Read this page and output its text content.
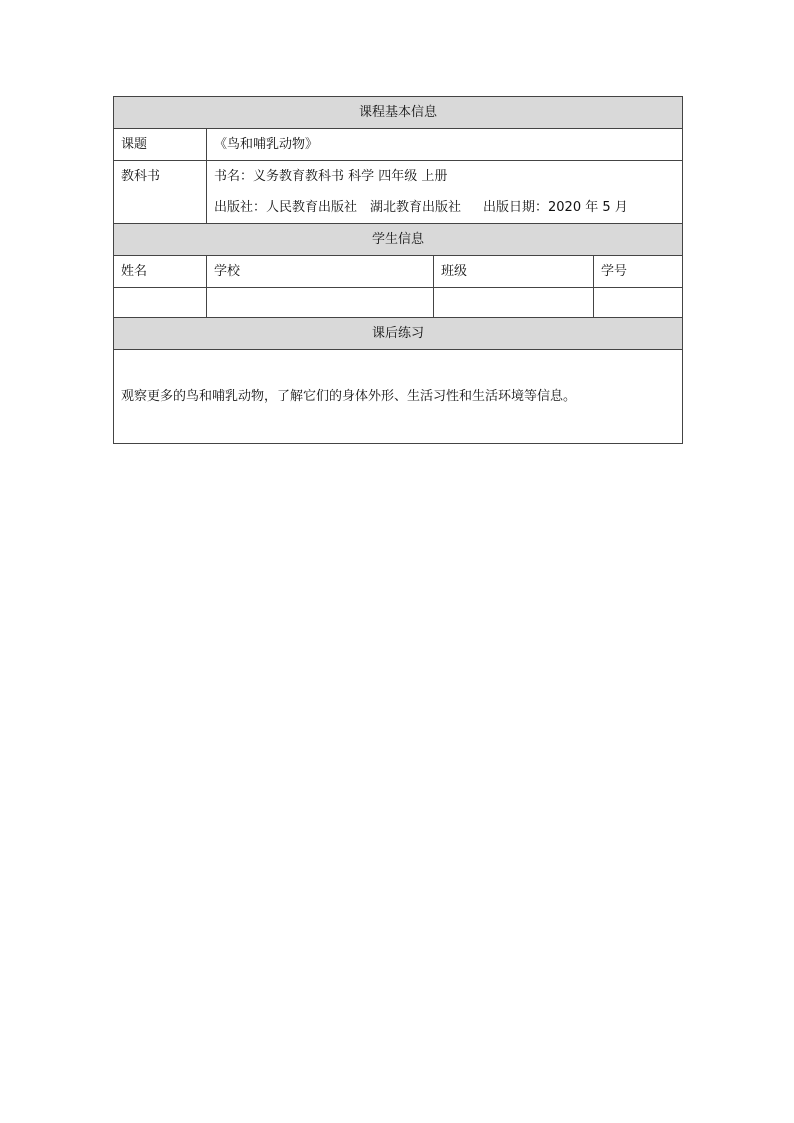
课程基本信息			
课题	《鸟和哺乳动物》		

教科书	书名：义务教育教科书 科学 四年级 上册
出版社：人民教育出版社　湖北教育出版社 出版日期：2020 年 5 月		

学生信息			
姓名	学校	班级	学号

课后练习			
观察更多的鸟和哺乳动物，了解它们的身体外形、生活习性和生活环境等信息。			
